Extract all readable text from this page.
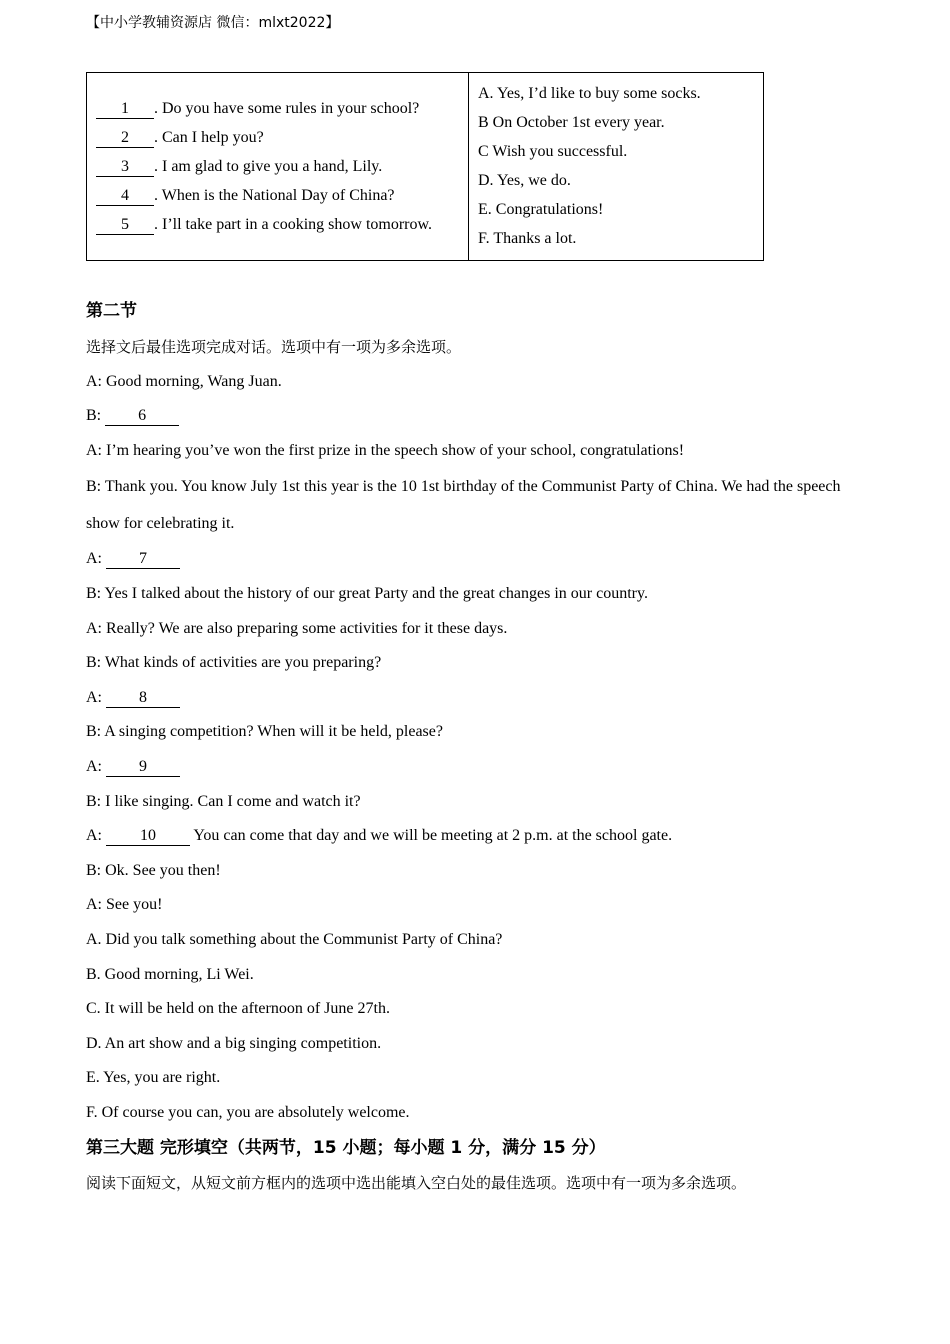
【中小学教辅资源店 微信：mlxt2022】
1 . Do you have some rules in your school?
2 . Can I help you?
3 . I am glad to give you a hand, Lily.
4 . When is the National Day of China?
5 . I’ll take part in a cooking show tomorrow.
A. Yes, I’d like to buy some socks.
B On October 1st every year.
C Wish you successful.
D. Yes, we do.
E. Congratulations!
F. Thanks a lot.

第二节

选择文后最佳选项完成对话。选项中有一项为多余选项。

A: Good morning, Wang Juan.

B: 6

A: I’m hearing you’ve won the first prize in the speech show of your school, congratulations!

B: Thank you. You know July 1st this year is the 10 1st birthday of the Communist Party of China. We had the speech show for celebrating it.

A: 7

B: Yes I talked about the history of our great Party and the great changes in our country.

A: Really? We are also preparing some activities for it these days.

B: What kinds of activities are you preparing?

A: 8

B: A singing competition? When will it be held, please?

A: 9

B: I like singing. Can I come and watch it?

A: 10 You can come that day and we will be meeting at 2 p.m. at the school gate.

B: Ok. See you then!

A: See you!

A. Did you talk something about the Communist Party of China?

B. Good morning, Li Wei.

C. It will be held on the afternoon of June 27th.

D. An art show and a big singing competition.

E. Yes, you are right.

F. Of course you can, you are absolutely welcome.

第三大题 完形填空（共两节，15 小题；每小题 1 分，满分 15 分）

阅读下面短文，从短文前方框内的选项中选出能填入空白处的最佳选项。选项中有一项为多余选项。
